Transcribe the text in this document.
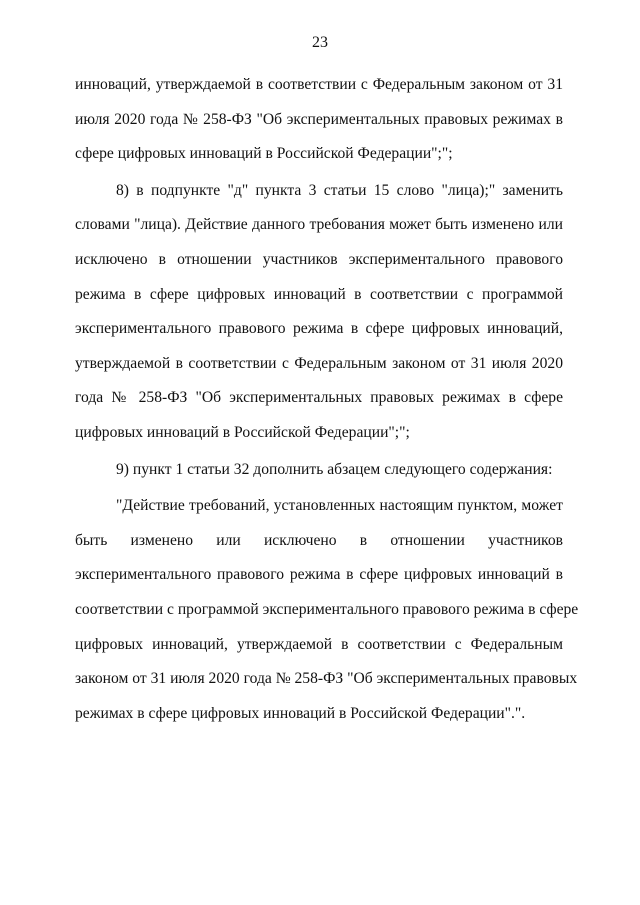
23
инноваций, утверждаемой в соответствии с Федеральным законом от 31
июля 2020 года № 258-ФЗ "Об экспериментальных правовых режимах в
сфере цифровых инноваций в Российской Федерации";";
8) в подпункте "д" пункта 3 статьи 15 слово "лица);" заменить
словами "лица). Действие данного требования может быть изменено или
исключено в отношении участников экспериментального правового
режима в сфере цифровых инноваций в соответствии с программой
экспериментального правового режима в сфере цифровых инноваций,
утверждаемой в соответствии с Федеральным законом от 31 июля 2020
года № 258-ФЗ "Об экспериментальных правовых режимах в сфере
цифровых инноваций в Российской Федерации";";
9) пункт 1 статьи 32 дополнить абзацем следующего содержания:
"Действие требований, установленных настоящим пунктом, может
быть изменено или исключено в отношении участников
экспериментального правового режима в сфере цифровых инноваций в
соответствии с программой экспериментального правового режима в сфере
цифровых инноваций, утверждаемой в соответствии с Федеральным
законом от 31 июля 2020 года № 258-ФЗ "Об экспериментальных правовых
режимах в сфере цифровых инноваций в Российской Федерации".".
